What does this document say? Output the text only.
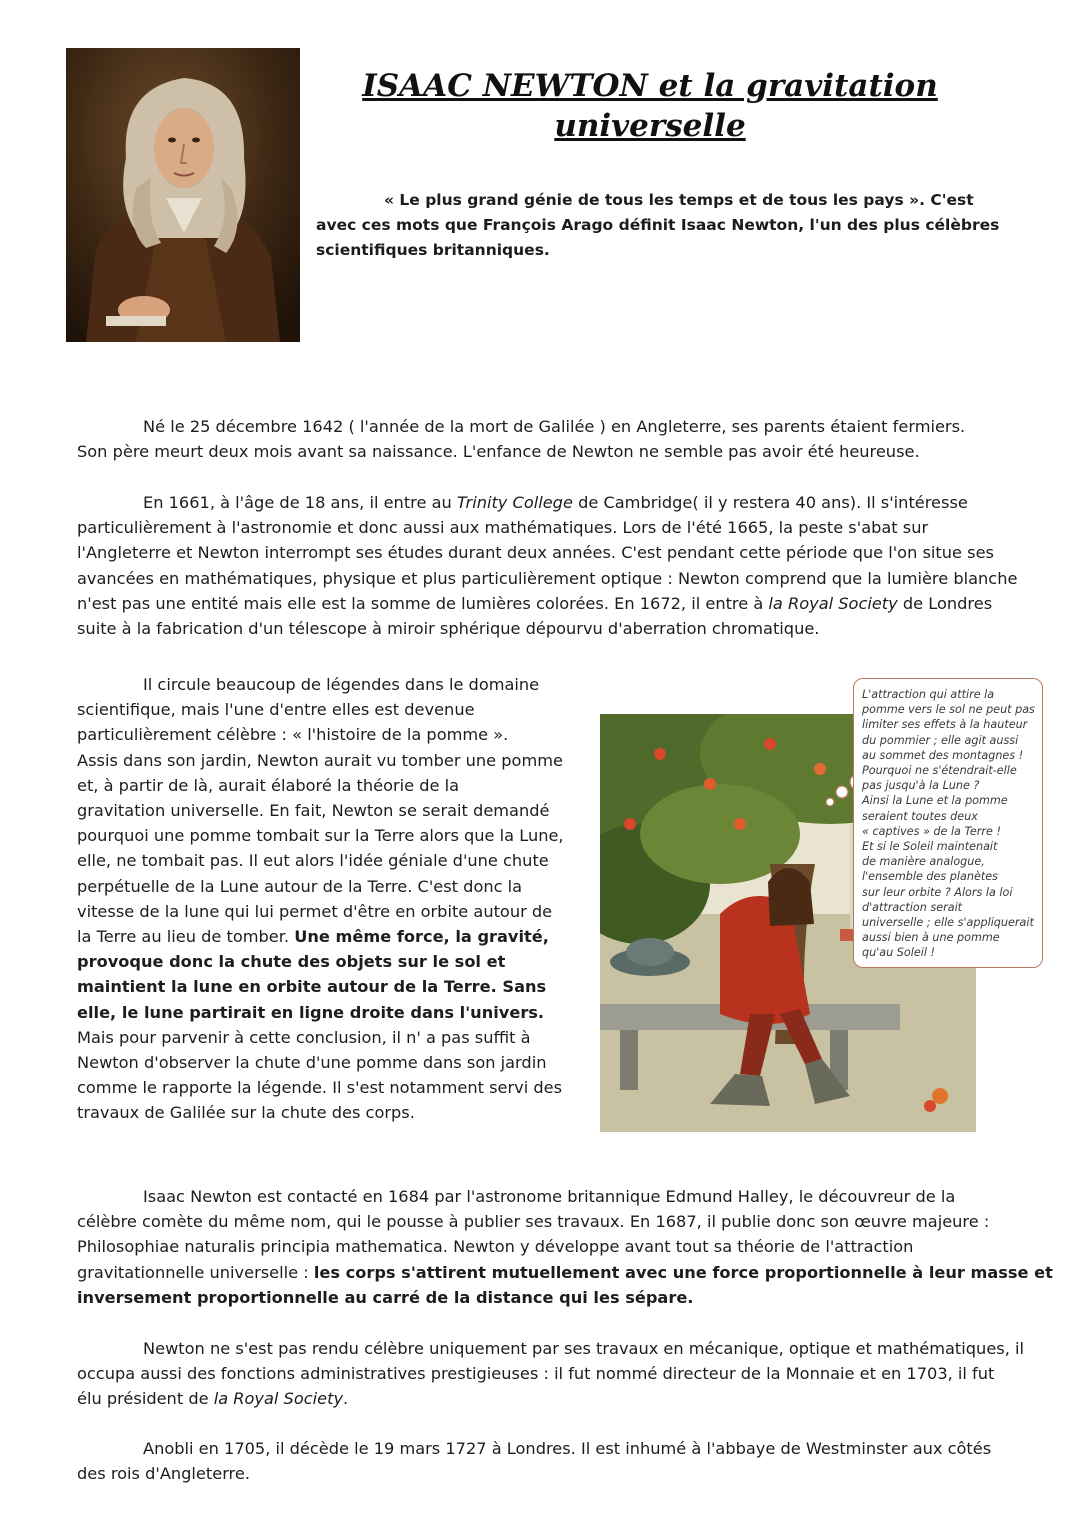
ISAAC NEWTON et la gravitation
universelle
« Le plus grand génie de tous les temps et de tous les pays ». C'est
avec ces mots que François Arago définit Isaac Newton, l'un des plus célèbres
scientifiques britanniques.
Né le 25 décembre 1642 ( l'année de la mort de Galilée ) en Angleterre, ses parents étaient fermiers.
Son père meurt deux mois avant sa naissance. L'enfance de Newton ne semble pas avoir été heureuse.
En 1661, à l'âge de 18 ans, il entre au Trinity College de Cambridge( il y restera 40 ans). Il s'intéresse
particulièrement à l'astronomie et donc aussi aux mathématiques. Lors de l'été 1665, la peste s'abat sur
l'Angleterre et Newton interrompt ses études durant deux années. C'est pendant cette période que l'on situe ses
avancées en mathématiques, physique et plus particulièrement optique : Newton comprend que la lumière blanche
n'est pas une entité mais elle est la somme de lumières colorées. En 1672, il entre à la Royal Society de Londres
suite à la fabrication d'un télescope à miroir sphérique dépourvu d'aberration chromatique.
Il circule beaucoup de légendes dans le domaine
scientifique, mais l'une d'entre elles est devenue
particulièrement célèbre : « l'histoire de la pomme ».
Assis dans son jardin, Newton aurait vu tomber une pomme
et, à partir de là, aurait élaboré la théorie de la
gravitation universelle. En fait, Newton se serait demandé
pourquoi une pomme tombait sur la Terre alors que la Lune,
elle, ne tombait pas. Il eut alors l'idée géniale d'une chute
perpétuelle de la Lune autour de la Terre. C'est donc la
vitesse de la lune qui lui permet d'être en orbite autour de
la Terre au lieu de tomber. Une même force, la gravité,
provoque donc la chute des objets sur le sol et
maintient la lune en orbite autour de la Terre. Sans
elle, le lune partirait en ligne droite dans l'univers.
Mais pour parvenir à cette conclusion, il n' a pas suffit à
Newton d'observer la chute d'une pomme dans son jardin
comme le rapporte la légende. Il s'est notamment servi des
travaux de Galilée sur la chute des corps.
L'attraction qui attire la
pomme vers le sol ne peut pas
limiter ses effets à la hauteur
du pommier ; elle agit aussi
au sommet des montagnes !
Pourquoi ne s'étendrait-elle
pas jusqu'à la Lune ?
Ainsi la Lune et la pomme
seraient toutes deux
« captives » de la Terre !
Et si le Soleil maintenait
de manière analogue,
l'ensemble des planètes
sur leur orbite ? Alors la loi
d'attraction serait
universelle ; elle s'appliquerait
aussi bien à une pomme
qu'au Soleil !
Isaac Newton est contacté en 1684 par l'astronome britannique Edmund Halley, le découvreur de la
célèbre comète du même nom, qui le pousse à publier ses travaux. En 1687, il publie donc son œuvre majeure :
Philosophiae naturalis principia mathematica. Newton y développe avant tout sa théorie de l'attraction
gravitationnelle universelle : les corps s'attirent mutuellement avec une force proportionnelle à leur masse et
inversement proportionnelle au carré de la distance qui les sépare.
Newton ne s'est pas rendu célèbre uniquement par ses travaux en mécanique, optique et mathématiques, il
occupa aussi des fonctions administratives prestigieuses : il fut nommé directeur de la Monnaie et en 1703, il fut
élu président de la Royal Society.
Anobli en 1705, il décède le 19 mars 1727 à Londres. Il est inhumé à l'abbaye de Westminster aux côtés
des rois d'Angleterre.
